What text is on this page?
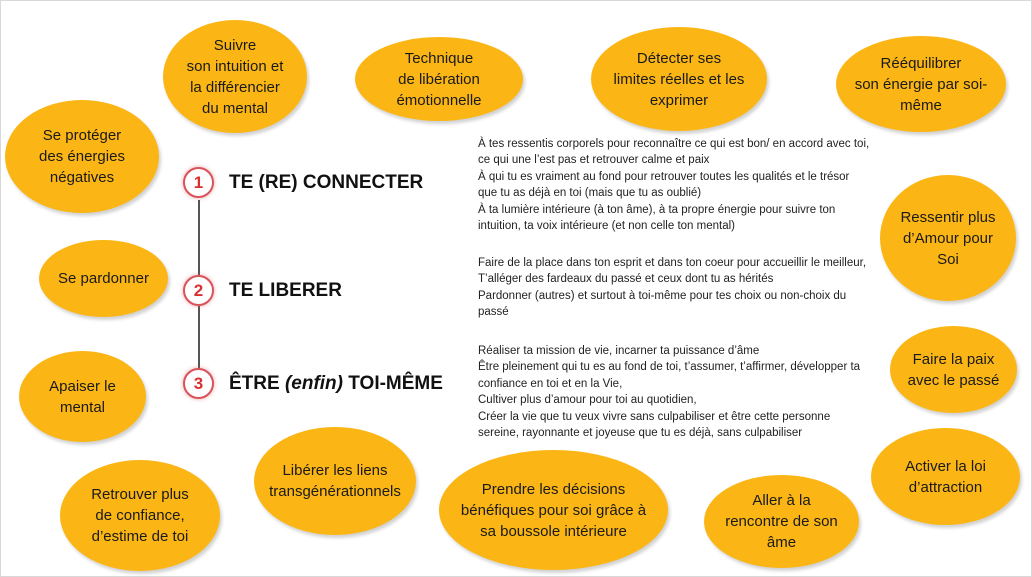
Suivre
son intuition et
la différencier
du mental
Technique
de libération
émotionnelle
Détecter ses
limites réelles et les
exprimer
Rééquilibrer
son énergie par soi-
même
Se protéger
des énergies
négatives
Ressentir plus
d’Amour pour
Soi
Se pardonner
Faire la paix
avec le passé
Apaiser le
mental
Activer la loi
d’attraction
Libérer les liens
transgénérationnels
Retrouver plus
de confiance,
d’estime de toi
Prendre les décisions
bénéfiques pour soi grâce à
sa boussole intérieure
Aller à la
rencontre de son
âme
1	TE (RE) CONNECTER
2	TE LIBERER
3	ÊTRE (enfin) TOI-MÊME
À tes ressentis corporels pour reconnaître ce qui est bon/ en accord avec toi, ce qui une l’est pas et retrouver calme et paix
À qui tu es vraiment au fond pour retrouver toutes les qualités et le trésor que tu as déjà en toi (mais que tu as oublié)
À ta lumière intérieure (à ton âme), à ta propre énergie pour suivre ton intuition, ta voix intérieure (et non celle ton mental)
Faire de la place dans ton esprit et dans ton coeur pour accueillir le meilleur,
T’alléger des fardeaux du passé et ceux dont tu as hérités
Pardonner (autres) et surtout à toi-même pour tes choix ou non-choix du passé
Réaliser ta mission de vie, incarner ta puissance d’âme
Être pleinement qui tu es au fond de toi, t’assumer, t’affirmer, développer ta confiance en toi et en la Vie,
Cultiver plus d’amour pour toi au quotidien,
Créer la vie que tu veux vivre sans culpabiliser et être cette personne sereine, rayonnante et joyeuse que tu es déjà, sans culpabiliser
